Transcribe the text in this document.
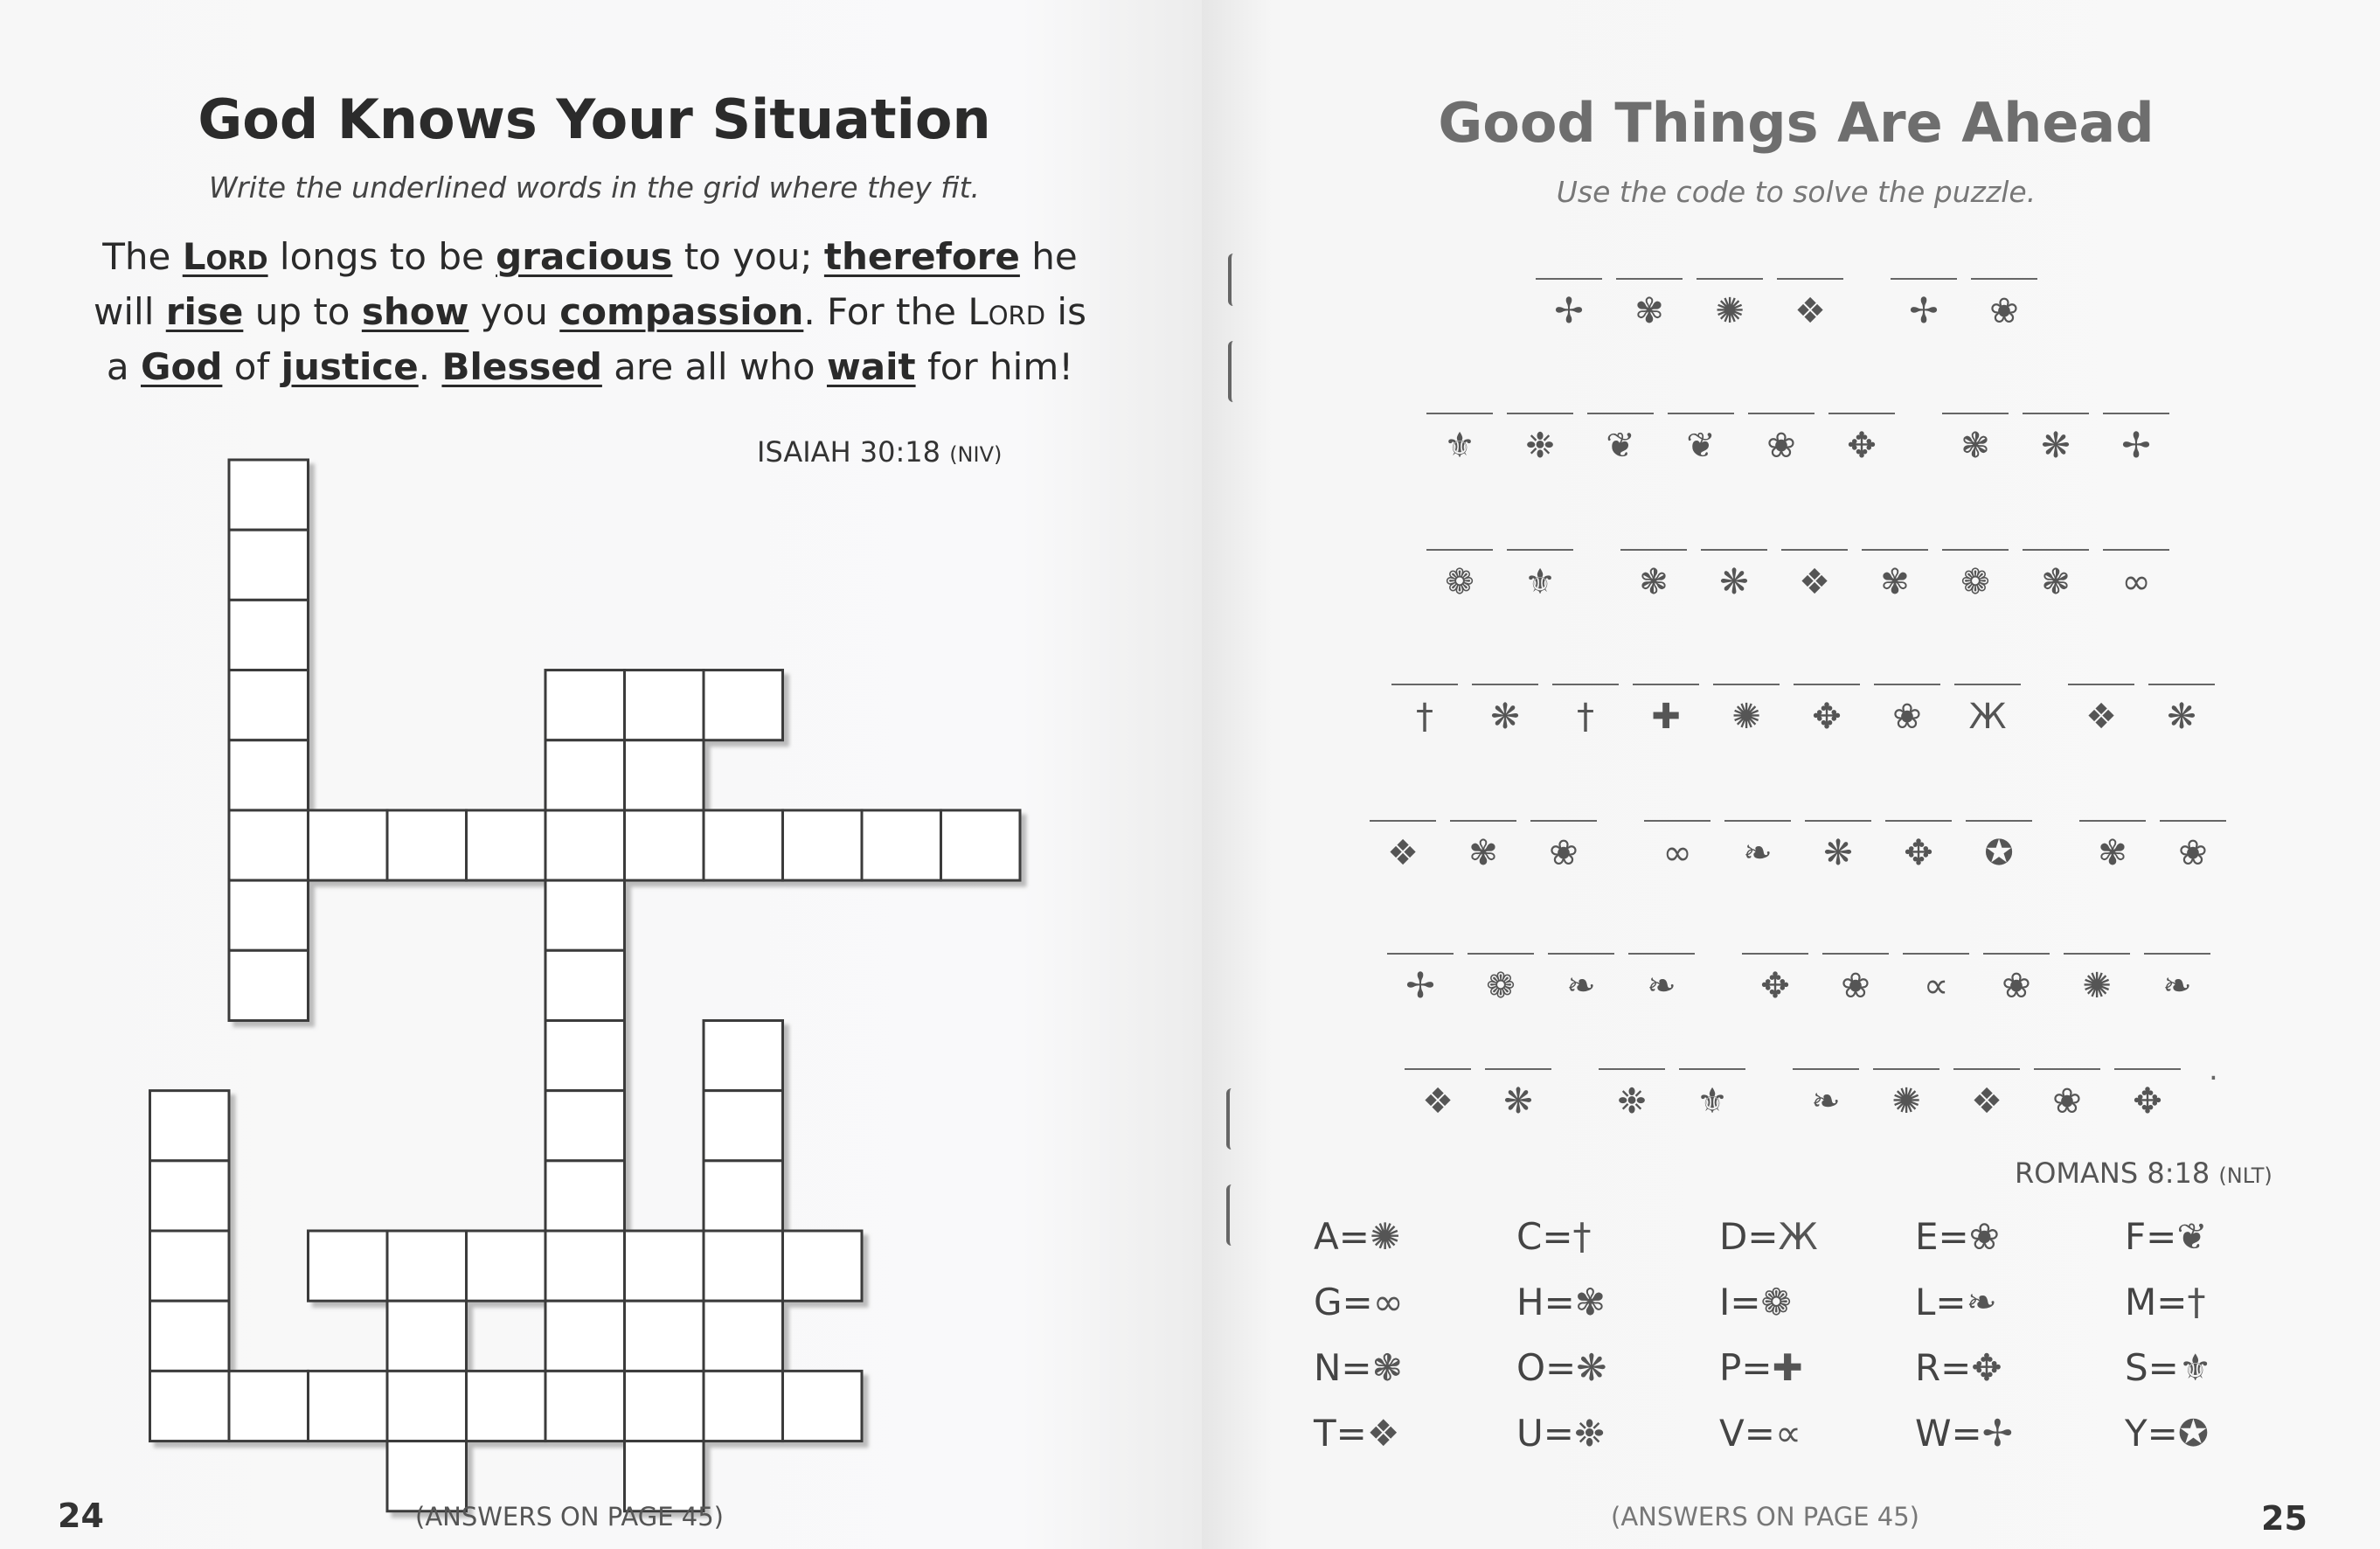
God Knows Your Situation
Write the underlined words in the grid where they fit.
The Lord longs to be gracious to you; therefore he
will rise up to show you compassion. For the Lord is
a God of justice. Blessed are all who wait for him!
ISAIAH 30:18 (NIV)
24	(ANSWERS ON PAGE 45)
Good Things Are Ahead
Use the code to solve the puzzle.
✢ ✾ ✺ ❖ ✢ ❀
⚜ ❉ ❦ ❦ ❀ ✥ ❃ ❋ ✢
❁ ⚜ ❃ ❋ ❖ ✾ ❁ ❃ ∞
† ❋ † ✚ ✺ ✥ ❀ Ж ❖ ❋
❖ ✾ ❀ ∞ ❧ ❋ ✥ ✪ ✾ ❀
✢ ❁ ❧ ❧ ✥ ❀ ∝ ❀ ✺ ❧
❖ ❋ ❉ ⚜ ❧ ✺ ❖ ❀ ✥
.
ROMANS 8:18 (NLT)
A=✺	C=†	D=Ж	E=❀	F=❦
G=∞	H=✾	I=❁	L=❧	M=†
N=❃	O=❋	P=✚	R=✥	S=⚜
T=❖	U=❉	V=∝	W=✢	Y=✪
25
(ANSWERS ON PAGE 45)
